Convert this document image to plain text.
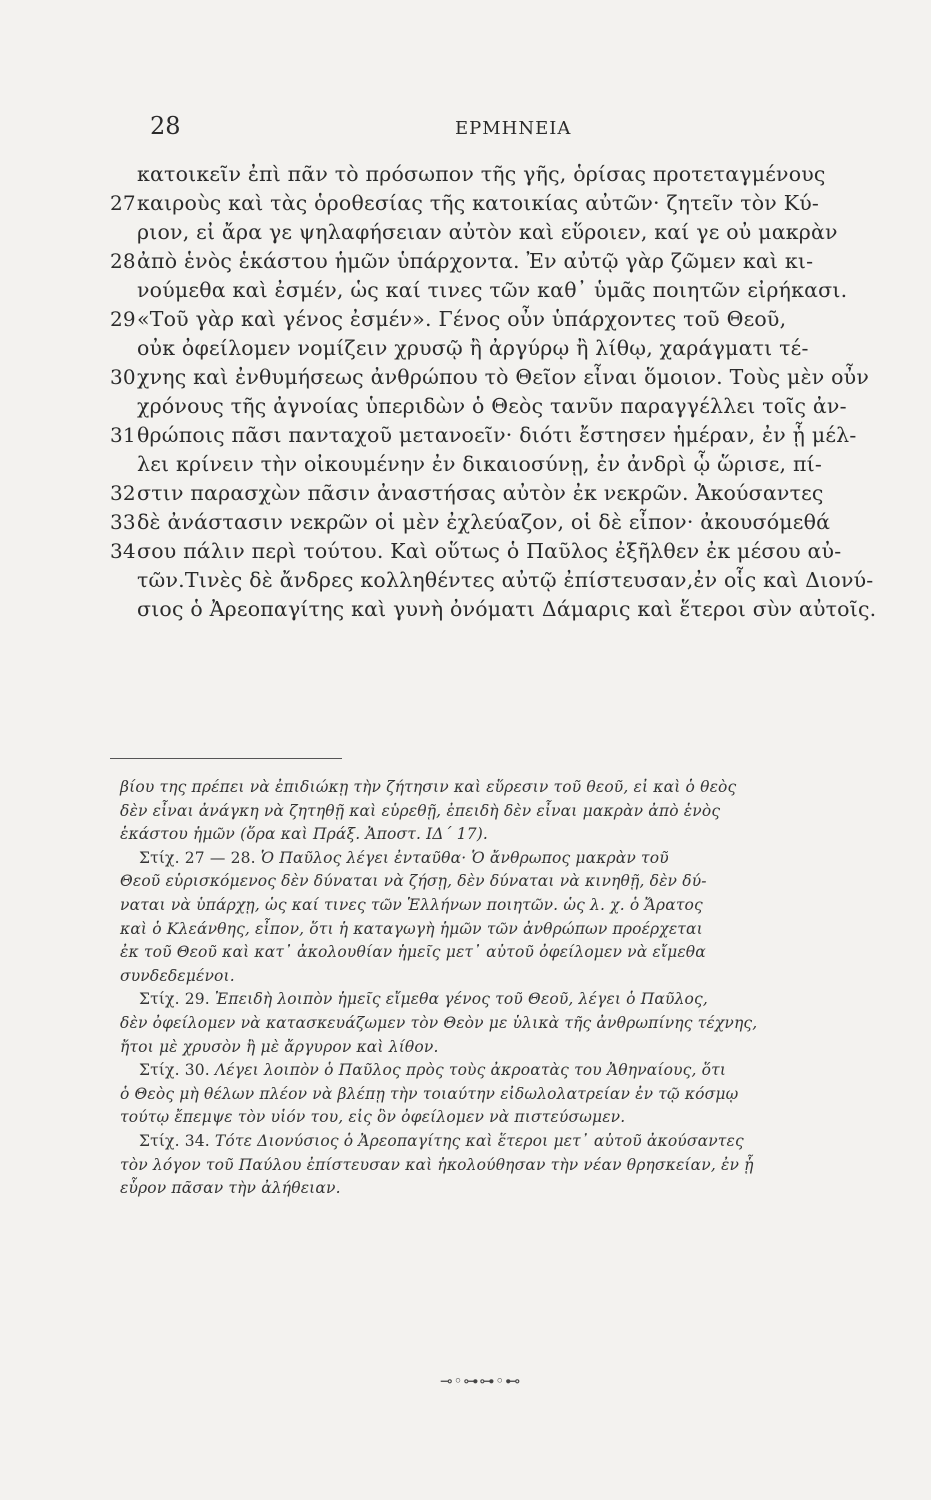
28	ΕΡΜΗΝΕΙΑ
κατοικεῖν ἐπὶ πᾶν τὸ πρόσωπον τῆς γῆς, ὁρίσας προτεταγμένους
27 καιροὺς καὶ τὰς ὁροθεσίας τῆς κατοικίας αὐτῶν· ζητεῖν τὸν Κύ-
ριον, εἰ ἄρα γε ψηλαφήσειαν αὐτὸν καὶ εὕροιεν, καί γε οὐ μακρὰν
28 ἀπὸ ἑνὸς ἑκάστου ἡμῶν ὑπάρχοντα. Ἐν αὐτῷ γὰρ ζῶμεν καὶ κι-
νούμεθα καὶ ἐσμέν, ὡς καί τινες τῶν καθ᾽ ὑμᾶς ποιητῶν εἰρήκασι.
29 «Τοῦ γὰρ καὶ γένος ἐσμέν». Γένος οὖν ὑπάρχοντες τοῦ Θεοῦ,
οὐκ ὀφείλομεν νομίζειν χρυσῷ ἢ ἀργύρῳ ἢ λίθῳ, χαράγματι τέ-
30 χνης καὶ ἐνθυμήσεως ἀνθρώπου τὸ Θεῖον εἶναι ὅμοιον. Τοὺς μὲν οὖν
χρόνους τῆς ἀγνοίας ὑπεριδὼν ὁ Θεὸς τανῦν παραγγέλλει τοῖς ἀν-
31 θρώποις πᾶσι πανταχοῦ μετανοεῖν· διότι ἔστησεν ἡμέραν, ἐν ᾗ μέλ-
λει κρίνειν τὴν οἰκουμένην ἐν δικαιοσύνῃ, ἐν ἀνδρὶ ᾧ ὥρισε, πί-
32 στιν παρασχὼν πᾶσιν ἀναστήσας αὐτὸν ἐκ νεκρῶν. Ἀκούσαντες
33 δὲ ἀνάστασιν νεκρῶν οἱ μὲν ἐχλεύαζον, οἱ δὲ εἶπον· ἀκουσόμεθά
34 σου πάλιν περὶ τούτου. Καὶ οὕτως ὁ Παῦλος ἐξῆλθεν ἐκ μέσου αὐ-
τῶν.Τινὲς δὲ ἄνδρες κολληθέντες αὐτῷ ἐπίστευσαν,ἐν οἷς καὶ Διονύ-
σιος ὁ Ἀρεοπαγίτης καὶ γυνὴ ὀνόματι Δάμαρις καὶ ἕτεροι σὺν αὐτοῖς.
βίου της πρέπει νὰ ἐπιδιώκῃ τὴν ζήτησιν καὶ εὕρεσιν τοῦ θεοῦ, εἰ καὶ ὁ θεὸς
δὲν εἶναι ἀνάγκη νὰ ζητηθῇ καὶ εὑρεθῇ, ἐπειδὴ δὲν εἶναι μακρὰν ἀπὸ ἑνὸς
ἑκάστου ἡμῶν (ὅρα καὶ Πράξ. Ἀποστ. ΙΔ΄ 17).
Στίχ. 27 — 28. Ὁ Παῦλος λέγει ἐνταῦθα· Ὁ ἄνθρωπος μακρὰν τοῦ
Θεοῦ εὑρισκόμενος δὲν δύναται νὰ ζήσῃ, δὲν δύναται νὰ κινηθῇ, δὲν δύ-
ναται νὰ ὑπάρχῃ, ὡς καί τινες τῶν Ἑλλήνων ποιητῶν. ὡς λ. χ. ὁ Ἄρατος
καὶ ὁ Κλεάνθης, εἶπον, ὅτι ἡ καταγωγὴ ἡμῶν τῶν ἀνθρώπων προέρχεται
ἐκ τοῦ Θεοῦ καὶ κατ᾽ ἀκολουθίαν ἡμεῖς μετ᾽ αὐτοῦ ὀφείλομεν νὰ εἴμεθα
συνδεδεμένοι.
Στίχ. 29. Ἐπειδὴ λοιπὸν ἡμεῖς εἴμεθα γένος τοῦ Θεοῦ, λέγει ὁ Παῦλος,
δὲν ὀφείλομεν νὰ κατασκευάζωμεν τὸν Θεὸν με ὑλικὰ τῆς ἀνθρωπίνης τέχνης,
ἤτοι μὲ χρυσὸν ἢ μὲ ἄργυρον καὶ λίθον.
Στίχ. 30. Λέγει λοιπὸν ὁ Παῦλος πρὸς τοὺς ἀκροατὰς του Ἀθηναίους, ὅτι
ὁ Θεὸς μὴ θέλων πλέον νὰ βλέπῃ τὴν τοιαύτην εἰδωλολατρείαν ἐν τῷ κόσμῳ
τούτῳ ἔπεμψε τὸν υἱόν του, εἰς ὃν ὀφείλομεν νὰ πιστεύσωμεν.
Στίχ. 34. Τότε Διονύσιος ὁ Ἀρεοπαγίτης καὶ ἕτεροι μετ᾽ αὐτοῦ ἀκούσαντες
τὸν λόγον τοῦ Παύλου ἐπίστευσαν καὶ ἠκολούθησαν τὴν νέαν θρησκείαν, ἐν ᾗ
εὗρον πᾶσαν τὴν ἀλήθειαν.
⊸◦⊶⊶◦⊷
